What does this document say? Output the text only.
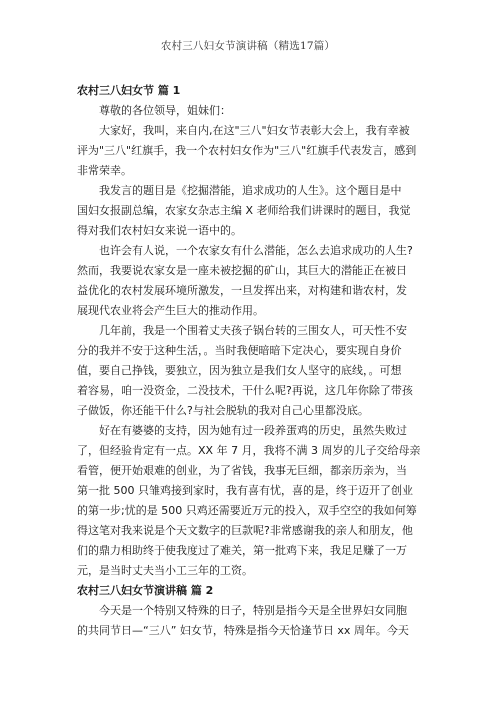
农村三八妇女节演讲稿（精选17篇）
农村三八妇女节 篇 1
尊敬的各位领导，姐妹们：
大家好，我叫，来自内,在这"三八"妇女节表彰大会上，我有幸被
评为"三八"红旗手，我一个农村妇女作为"三八"红旗手代表发言，感到
非常荣幸。
我发言的题目是《挖掘潜能，追求成功的人生》。这个题目是中
国妇女报副总编，农家女杂志主编 X 老师给我们讲课时的题目，我觉
得对我们农村妇女来说一语中的。
也许会有人说，一个农家女有什么潜能，怎么去追求成功的人生?
然而，我要说农家女是一座未被挖掘的矿山，其巨大的潜能正在被日
益优化的农村发展环境所激发，一旦发挥出来，对构建和谐农村，发
展现代农业将会产生巨大的推动作用。
几年前，我是一个围着丈夫孩子锅台转的三围女人，可天性不安
分的我并不安于这种生活，。当时我便暗暗下定决心，要实现自身价
值，要自己挣钱，要独立，因为独立是我们女人坚守的底线，。可想
着容易，咱一没资金，二没技术，干什么呢?再说，这几年你除了带孩
子做饭，你还能干什么?与社会脱轨的我对自己心里都没底。
好在有婆婆的支持，因为她有过一段养蛋鸡的历史，虽然失败过
了，但经验肯定有一点。XX 年 7 月，我将不满 3 周岁的儿子交给母亲
看管，便开始艰难的创业，为了省钱，我事无巨细，都亲历亲为，当
第一批 500 只雏鸡接到家时，我有喜有忧，喜的是，终于迈开了创业
的第一步;忧的是 500 只鸡还需要近万元的投入，双手空空的我如何筹
得这笔对我来说是个天文数字的巨款呢?非常感谢我的亲人和朋友，他
们的鼎力相助终于使我度过了难关，第一批鸡下来，我足足赚了一万
元，是当时丈夫当小工三年的工资。
农村三八妇女节演讲稿 篇 2
今天是一个特别又特殊的日子，特别是指今天是全世界妇女同胞
的共同节日—“三八” 妇女节，特殊是指今天恰逢节日 xx 周年。今天
